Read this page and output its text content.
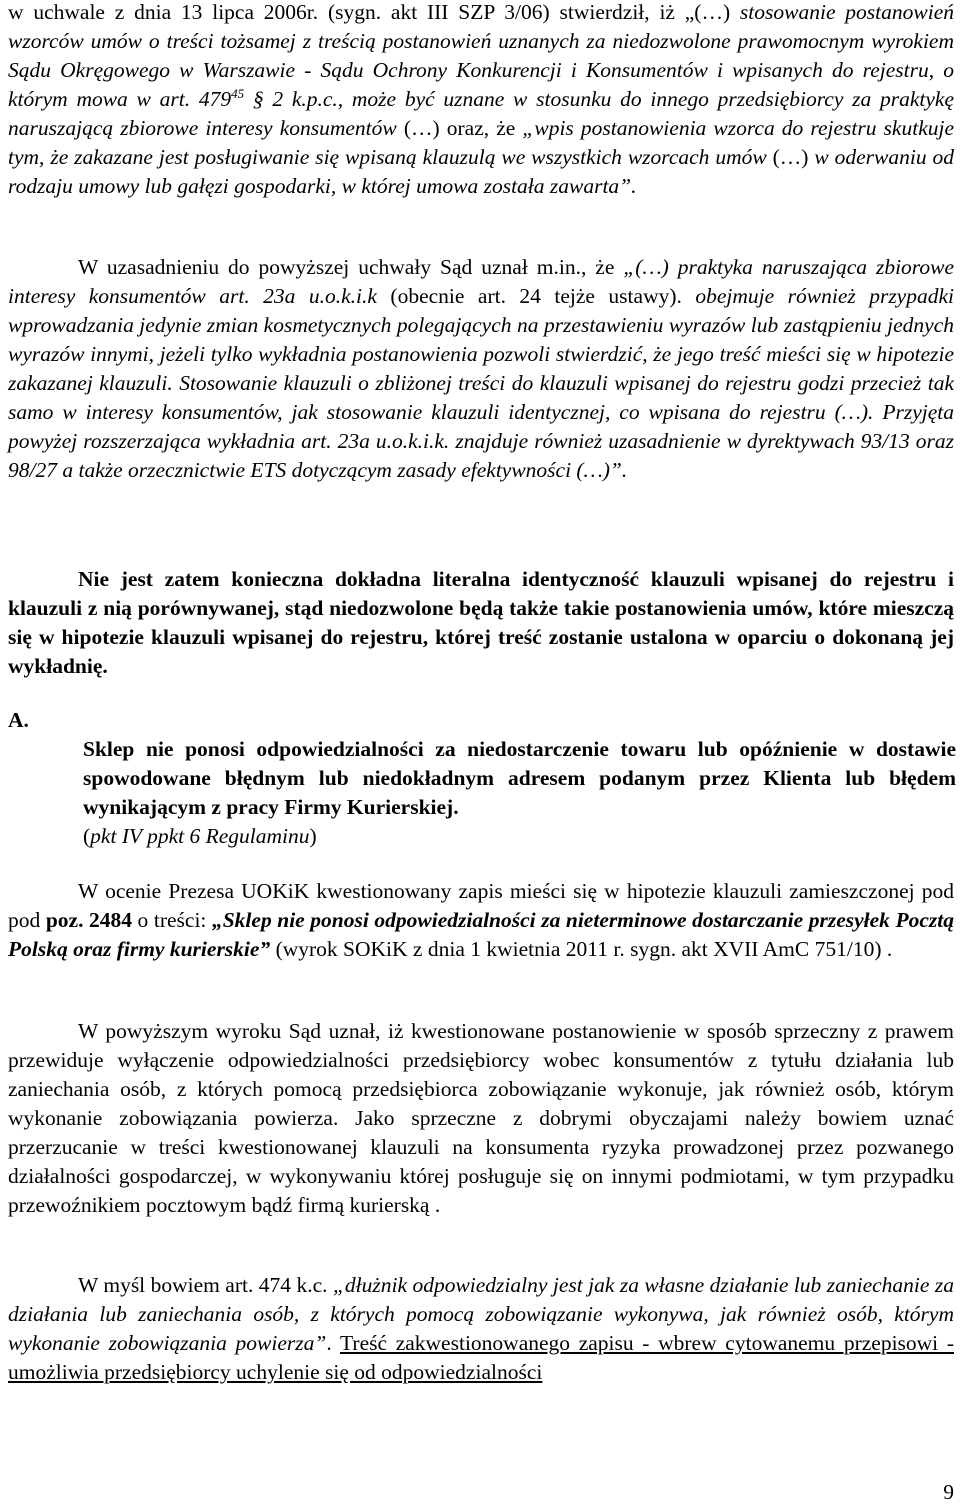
w uchwale z dnia 13 lipca 2006r. (sygn. akt III SZP 3/06) stwierdził, iż „(…) stosowanie postanowień wzorców umów o treści tożsamej z treścią postanowień uznanych za niedozwolone prawomocnym wyrokiem Sądu Okręgowego w Warszawie - Sądu Ochrony Konkurencji i Konsumentów i wpisanych do rejestru, o którym mowa w art. $479^{45}$ § 2 k.p.c., może być uznane w stosunku do innego przedsiębiorcy za praktykę naruszającą zbiorowe interesy konsumentów (…) oraz, że „wpis postanowienia wzorca do rejestru skutkuje tym, że zakazane jest posługiwanie się wpisaną klauzulą we wszystkich wzorcach umów (…) w oderwaniu od rodzaju umowy lub gałęzi gospodarki, w której umowa została zawarta”.

W uzasadnieniu do powyższej uchwały Sąd uznał m.in., że „(…) praktyka naruszająca zbiorowe interesy konsumentów art. 23a u.o.k.i.k (obecnie art. 24 tejże ustawy). obejmuje również przypadki wprowadzania jedynie zmian kosmetycznych polegających na przestawieniu wyrazów lub zastąpieniu jednych wyrazów innymi, jeżeli tylko wykładnia postanowienia pozwoli stwierdzić, że jego treść mieści się w hipotezie zakazanej klauzuli. Stosowanie klauzuli o zbliżonej treści do klauzuli wpisanej do rejestru godzi przecież tak samo w interesy konsumentów, jak stosowanie klauzuli identycznej, co wpisana do rejestru (…). Przyjęta powyżej rozszerzająca wykładnia art. 23a u.o.k.i.k. znajduje również uzasadnienie w dyrektywach 93/13 oraz 98/27 a także orzecznictwie ETS dotyczącym zasady efektywności (…)”.

Nie jest zatem konieczna dokładna literalna identyczność klauzuli wpisanej do rejestru i klauzuli z nią porównywanej, stąd niedozwolone będą także takie postanowienia umów, które mieszczą się w hipotezie klauzuli wpisanej do rejestru, której treść zostanie ustalona w oparciu o dokonaną jej wykładnię.

A.

Sklep nie ponosi odpowiedzialności za niedostarczenie towaru lub opóźnienie w dostawie spowodowane błędnym lub niedokładnym adresem podanym przez Klienta lub błędem wynikającym z pracy Firmy Kurierskiej.

(pkt IV ppkt 6 Regulaminu)

W ocenie Prezesa UOKiK kwestionowany zapis mieści się w hipotezie klauzuli zamieszczonej pod pod poz. 2484 o treści: „Sklep nie ponosi odpowiedzialności za nieterminowe dostarczanie przesyłek Pocztą Polską oraz firmy kurierskie” (wyrok SOKiK z dnia 1 kwietnia 2011 r. sygn. akt XVII AmC 751/10) .

W powyższym wyroku Sąd uznał, iż kwestionowane postanowienie w sposób sprzeczny z prawem przewiduje wyłączenie odpowiedzialności przedsiębiorcy wobec konsumentów z tytułu działania lub zaniechania osób, z których pomocą przedsiębiorca zobowiązanie wykonuje, jak również osób, którym wykonanie zobowiązania powierza. Jako sprzeczne z dobrymi obyczajami należy bowiem uznać przerzucanie w treści kwestionowanej klauzuli na konsumenta ryzyka prowadzonej przez pozwanego działalności gospodarczej, w wykonywaniu której posługuje się on innymi podmiotami, w tym przypadku przewoźnikiem pocztowym bądź firmą kurierską .

W myśl bowiem art. 474 k.c. „dłużnik odpowiedzialny jest jak za własne działanie lub zaniechanie za działania lub zaniechania osób, z których pomocą zobowiązanie wykonywa, jak również osób, którym wykonanie zobowiązania powierza”. Treść zakwestionowanego zapisu - wbrew cytowanemu przepisowi - umożliwia przedsiębiorcy uchylenie się od odpowiedzialności

9
